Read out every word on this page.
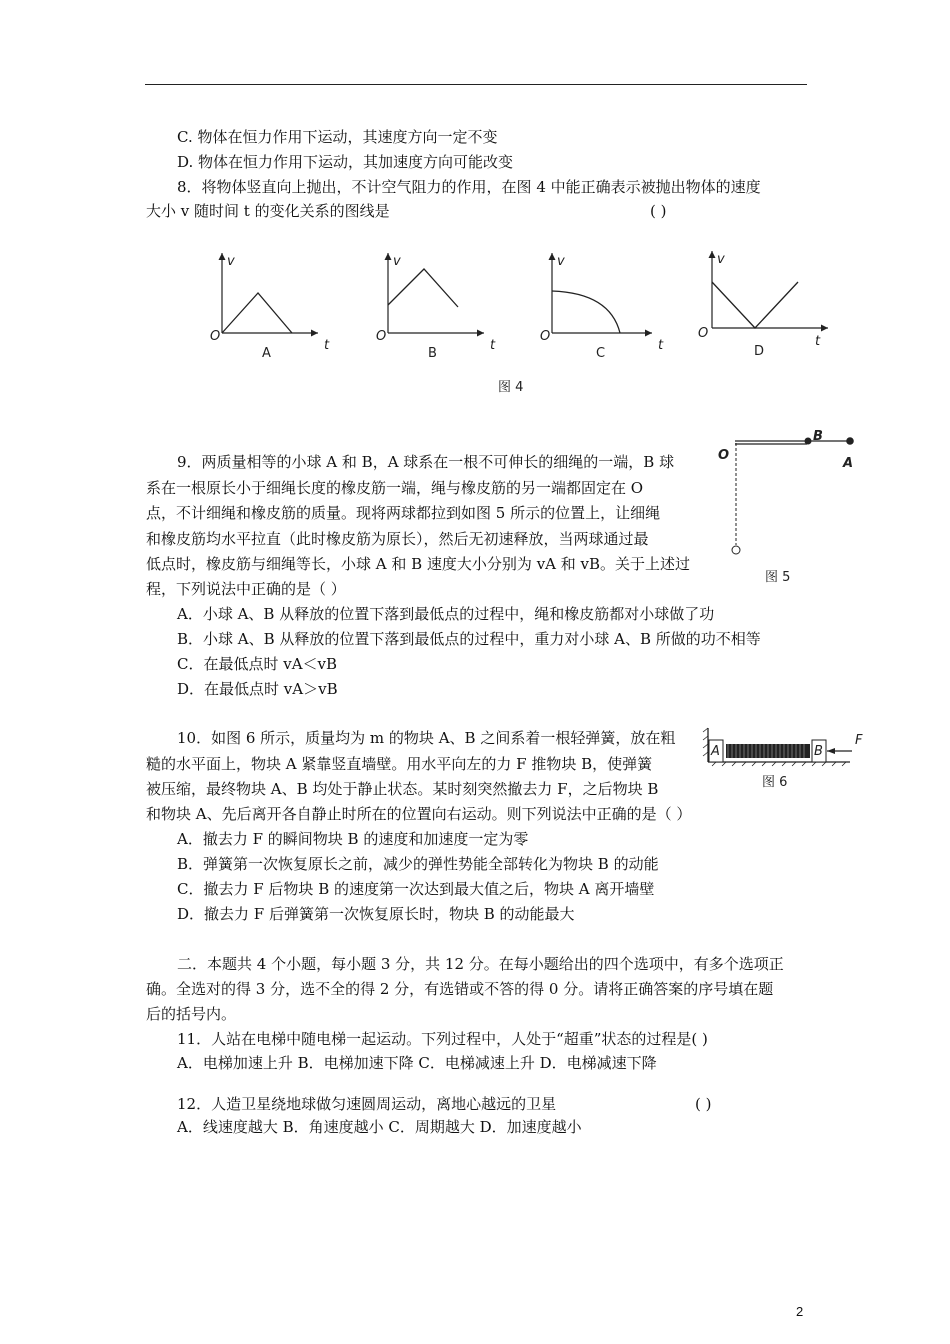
C. 物体在恒力作用下运动，其速度方向一定不变
D. 物体在恒力作用下运动，其加速度方向可能改变
8．将物体竖直向上抛出，不计空气阻力的作用，在图 4 中能正确表示被抛出物体的速度
大小 v 随时间 t 的变化关系的图线是	( )
v
O
t
A
v
O
t
B
v
O
t
C
v
O
t
D
图 4
O
B
A
图 5
9．两质量相等的小球 A 和 B，A 球系在一根不可伸长的细绳的一端，B 球
系在一根原长小于细绳长度的橡皮筋一端，绳与橡皮筋的另一端都固定在 O
点，不计细绳和橡皮筋的质量。现将两球都拉到如图 5 所示的位置上，让细绳
和橡皮筋均水平拉直（此时橡皮筋为原长），然后无初速释放，当两球通过最
低点时，橡皮筋与细绳等长，小球 A 和 B 速度大小分别为 vA 和 vB。关于上述过
程，下列说法中正确的是（ ）
A．小球 A、B 从释放的位置下落到最低点的过程中，绳和橡皮筋都对小球做了功
B．小球 A、B 从释放的位置下落到最低点的过程中，重力对小球 A、B 所做的功不相等
C．在最低点时 vA＜vB
D．在最低点时 vA＞vB
A	B
F
图 6
10．如图 6 所示，质量均为 m 的物块 A、B 之间系着一根轻弹簧，放在粗
糙的水平面上，物块 A 紧靠竖直墙壁。用水平向左的力 F 推物块 B，使弹簧
被压缩，最终物块 A、B 均处于静止状态。某时刻突然撤去力 F，之后物块 B
和物块 A、先后离开各自静止时所在的位置向右运动。则下列说法中正确的是（ ）
A．撤去力 F 的瞬间物块 B 的速度和加速度一定为零
B．弹簧第一次恢复原长之前，减少的弹性势能全部转化为物块 B 的动能
C．撤去力 F 后物块 B 的速度第一次达到最大值之后，物块 A 离开墙壁
D．撤去力 F 后弹簧第一次恢复原长时，物块 B 的动能最大
二．本题共 4 个小题，每小题 3 分，共 12 分。在每小题给出的四个选项中，有多个选项正
确。全选对的得 3 分，选不全的得 2 分，有选错或不答的得 0 分。请将正确答案的序号填在题
后的括号内。
11．人站在电梯中随电梯一起运动。下列过程中，人处于“超重”状态的过程是( )
A．电梯加速上升 B．电梯加速下降 C．电梯减速上升 D．电梯减速下降
12．人造卫星绕地球做匀速圆周运动，离地心越远的卫星	( )
A．线速度越大 B．角速度越小 C．周期越大 D．加速度越小
2
